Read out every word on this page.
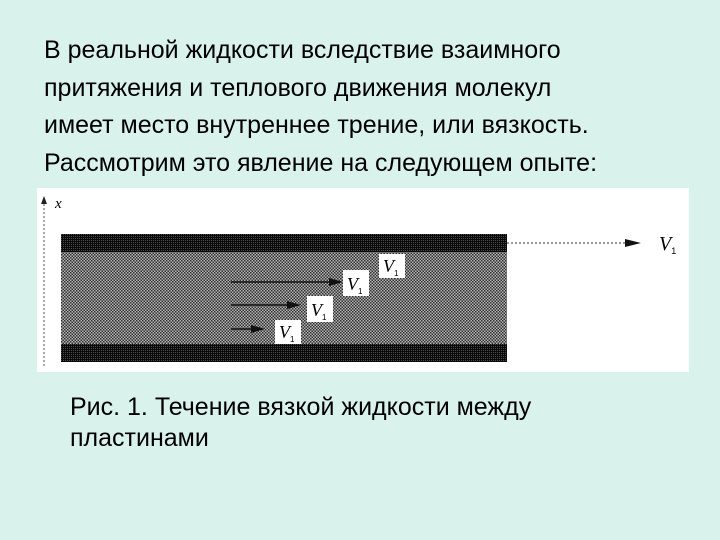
В реальной жидкости вследствие взаимного
притяжения и теплового движения молекул
имеет место внутреннее трение, или вязкость.
Рассмотрим это явление на следующем опыте:
x
$V_1$
$V_1$
$V_1$
$V_1$
$V_1$
Рис. 1. Течение вязкой жидкости между
пластинами
